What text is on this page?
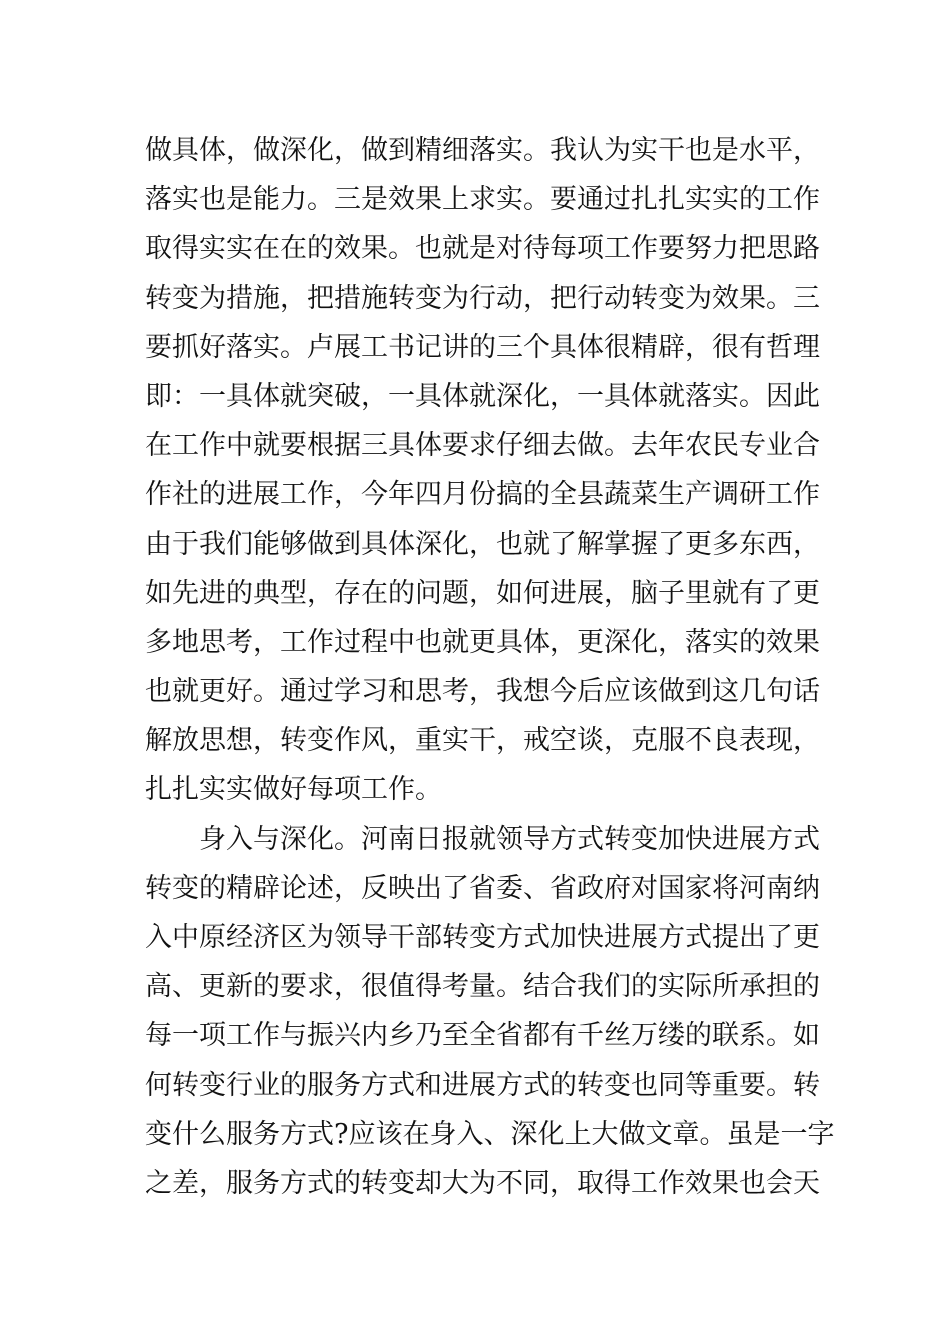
做具体，做深化，做到精细落实。我认为实干也是水平，
落实也是能力。三是效果上求实。要通过扎扎实实的工作
取得实实在在的效果。也就是对待每项工作要努力把思路
转变为措施，把措施转变为行动，把行动转变为效果。三
要抓好落实。卢展工书记讲的三个具体很精辟，很有哲理
即：一具体就突破，一具体就深化，一具体就落实。因此
在工作中就要根据三具体要求仔细去做。去年农民专业合
作社的进展工作，今年四月份搞的全县蔬菜生产调研工作
由于我们能够做到具体深化，也就了解掌握了更多东西，
如先进的典型，存在的问题，如何进展，脑子里就有了更
多地思考，工作过程中也就更具体，更深化，落实的效果
也就更好。通过学习和思考，我想今后应该做到这几句话
解放思想，转变作风，重实干，戒空谈，克服不良表现，
扎扎实实做好每项工作。
身入与深化。河南日报就领导方式转变加快进展方式
转变的精辟论述，反映出了省委、省政府对国家将河南纳
入中原经济区为领导干部转变方式加快进展方式提出了更
高、更新的要求，很值得考量。结合我们的实际所承担的
每一项工作与振兴内乡乃至全省都有千丝万缕的联系。如
何转变行业的服务方式和进展方式的转变也同等重要。转
变什么服务方式?应该在身入、深化上大做文章。虽是一字
之差，服务方式的转变却大为不同，取得工作效果也会天
